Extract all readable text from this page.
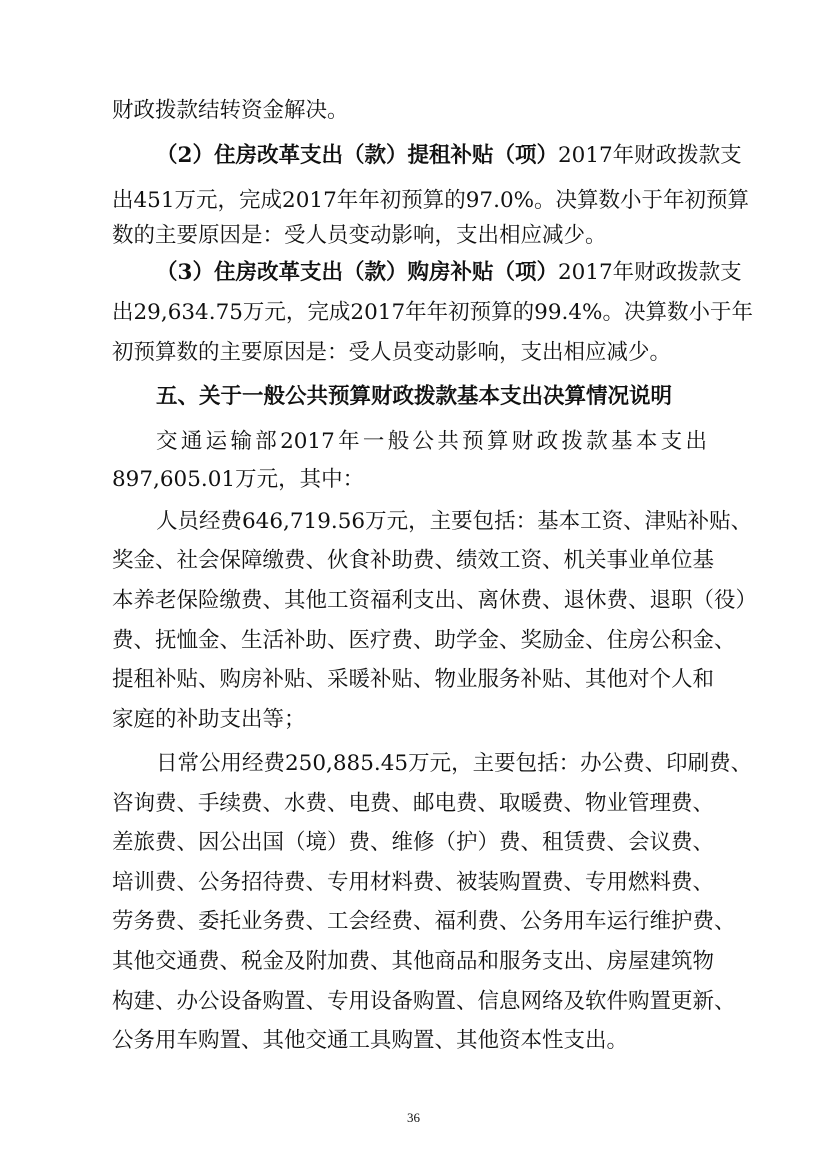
财政拨款结转资金解决。
（2）住房改革支出（款）提租补贴（项）2017年财政拨款支
出451万元，完成2017年年初预算的97.0%。决算数小于年初预算
数的主要原因是：受人员变动影响，支出相应减少。
（3）住房改革支出（款）购房补贴（项）2017年财政拨款支
出29,634.75万元，完成2017年年初预算的99.4%。决算数小于年
初预算数的主要原因是：受人员变动影响，支出相应减少。
五、关于一般公共预算财政拨款基本支出决算情况说明
交通运输部2017年一般公共预算财政拨款基本支出
897,605.01万元，其中：
人员经费646,719.56万元，主要包括：基本工资、津贴补贴、
奖金、社会保障缴费、伙食补助费、绩效工资、机关事业单位基
本养老保险缴费、其他工资福利支出、离休费、退休费、退职（役）
费、抚恤金、生活补助、医疗费、助学金、奖励金、住房公积金、
提租补贴、购房补贴、采暖补贴、物业服务补贴、其他对个人和
家庭的补助支出等；
日常公用经费250,885.45万元，主要包括：办公费、印刷费、
咨询费、手续费、水费、电费、邮电费、取暖费、物业管理费、
差旅费、因公出国（境）费、维修（护）费、租赁费、会议费、
培训费、公务招待费、专用材料费、被装购置费、专用燃料费、
劳务费、委托业务费、工会经费、福利费、公务用车运行维护费、
其他交通费、税金及附加费、其他商品和服务支出、房屋建筑物
构建、办公设备购置、专用设备购置、信息网络及软件购置更新、
公务用车购置、其他交通工具购置、其他资本性支出。
36
